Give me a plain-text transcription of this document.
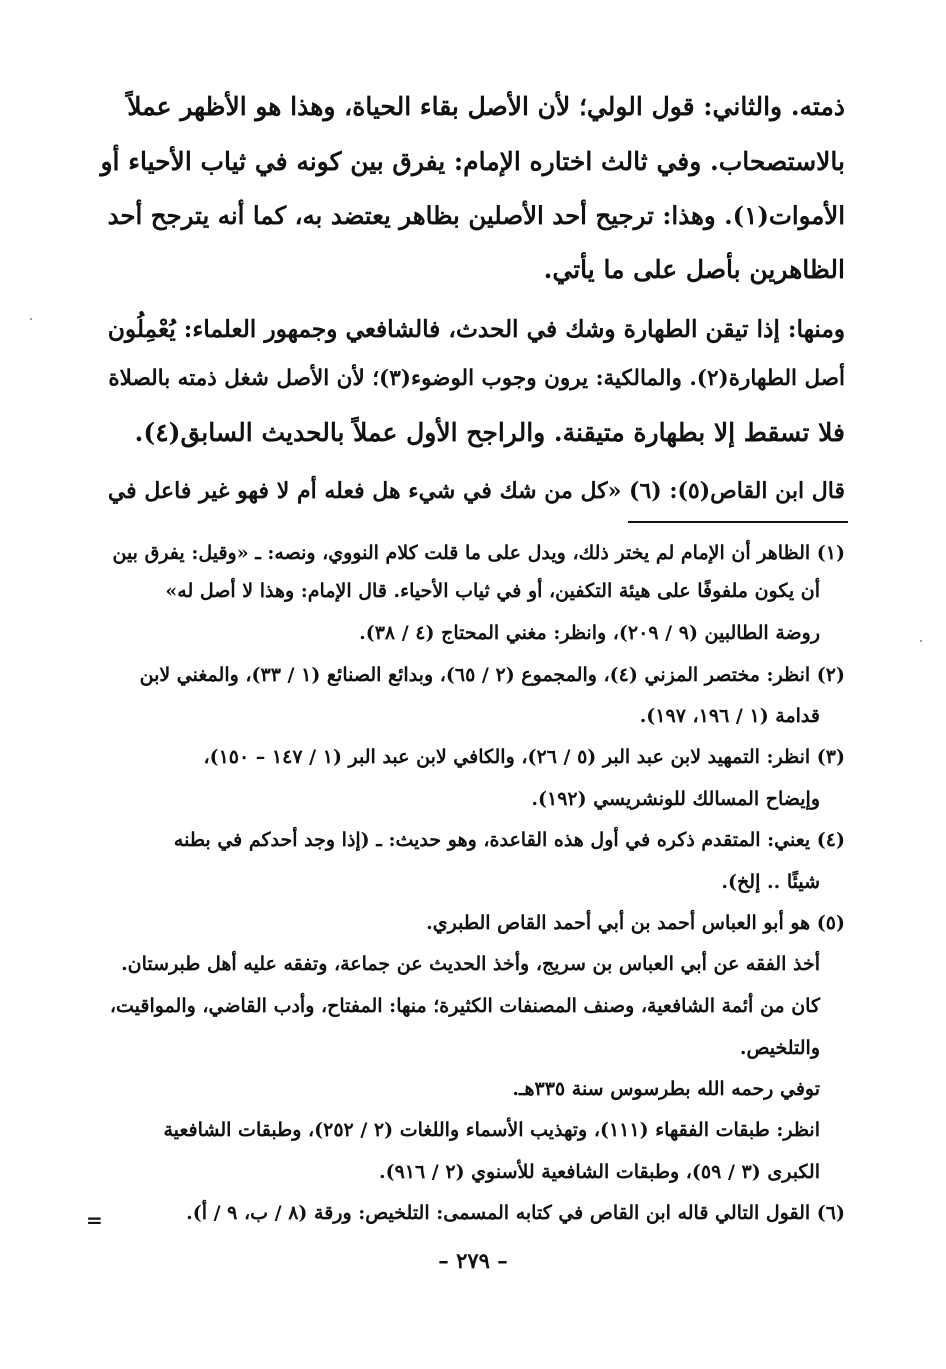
ذمته. والثاني: قول الولي؛ لأن الأصل بقاء الحياة، وهذا هو الأظهر عملاً
بالاستصحاب. وفي ثالث اختاره الإمام: يفرق بين كونه في ثياب الأحياء أو
الأموات(١). وهذا: ترجيح أحد الأصلين بظاهر يعتضد به، كما أنه يترجح أحد
الظاهرين بأصل على ما يأتي.
ومنها: إذا تيقن الطهارة وشك في الحدث، فالشافعي وجمهور العلماء: يُعْمِلُون
أصل الطهارة(٢). والمالكية: يرون وجوب الوضوء(٣)؛ لأن الأصل شغل ذمته بالصلاة
فلا تسقط إلا بطهارة متيقنة. والراجح الأول عملاً بالحديث السابق(٤).
قال ابن القاص(٥): (٦) «كل من شك في شيء هل فعله أم لا فهو غير فاعل في
(١) الظاهر أن الإمام لم يختر ذلك، ويدل على ما قلت كلام النووي، ونصه: ـ «وقيل: يفرق بين
أن يكون ملفوفًا على هيئة التكفين، أو في ثياب الأحياء. قال الإمام: وهذا لا أصل له»
روضة الطالبين (٩ / ٢٠٩)، وانظر: مغني المحتاج (٤ / ٣٨).
(٢) انظر: مختصر المزني (٤)، والمجموع (٢ / ٦٥)، وبدائع الصنائع (١ / ٣٣)، والمغني لابن
قدامة (١ / ١٩٦، ١٩٧).
(٣) انظر: التمهيد لابن عبد البر (٥ / ٢٦)، والكافي لابن عبد البر (١ / ١٤٧ – ١٥٠)،
وإيضاح المسالك للونشريسي (١٩٢).
(٤) يعني: المتقدم ذكره في أول هذه القاعدة، وهو حديث: ـ (إذا وجد أحدكم في بطنه
شيئًا .. إلخ).
(٥) هو أبو العباس أحمد بن أبي أحمد القاص الطبري.
أخذ الفقه عن أبي العباس بن سريج، وأخذ الحديث عن جماعة، وتفقه عليه أهل طبرستان.
كان من أئمة الشافعية، وصنف المصنفات الكثيرة؛ منها: المفتاح، وأدب القاضي، والمواقيت،
والتلخيص.
توفي رحمه الله بطرسوس سنة ٣٣٥هـ.
انظر: طبقات الفقهاء (١١١)، وتهذيب الأسماء واللغات (٢ / ٢٥٢)، وطبقات الشافعية
الكبرى (٣ / ٥٩)، وطبقات الشافعية للأسنوي (٢ / ٩١٦).
(٦) القول التالي قاله ابن القاص في كتابه المسمى: التلخيص: ورقة (٨ / ب، ٩ / أ).
=
– ٢٧٩ –
